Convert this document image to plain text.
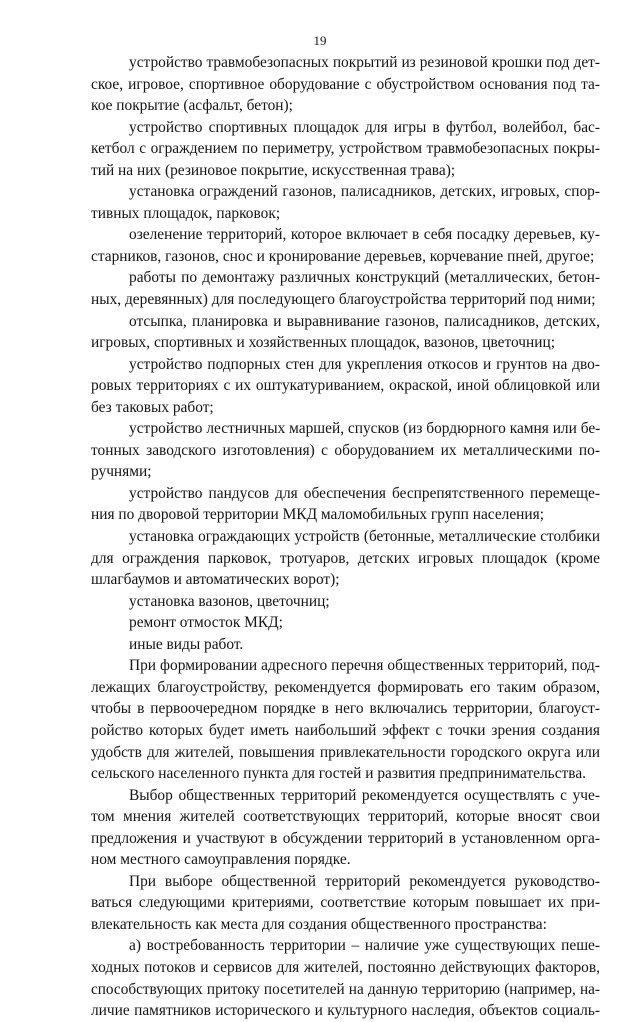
19
устройство травмобезопасных покрытий из резиновой крошки под дет-
ское, игровое, спортивное оборудование с обустройством основания под та-
кое покрытие (асфальт, бетон);
устройство спортивных площадок для игры в футбол, волейбол, бас-
кетбол с ограждением по периметру, устройством травмобезопасных покры-
тий на них (резиновое покрытие, искусственная трава);
установка ограждений газонов, палисадников, детских, игровых, спор-
тивных площадок, парковок;
озеленение территорий, которое включает в себя посадку деревьев, ку-
старников, газонов, снос и кронирование деревьев, корчевание пней, другое;
работы по демонтажу различных конструкций (металлических, бетон-
ных, деревянных) для последующего благоустройства территорий под ними;
отсыпка, планировка и выравнивание газонов, палисадников, детских,
игровых, спортивных и хозяйственных площадок, вазонов, цветочниц;
устройство подпорных стен для укрепления откосов и грунтов на дво-
ровых территориях с их оштукатуриванием, окраской, иной облицовкой или
без таковых работ;
устройство лестничных маршей, спусков (из бордюрного камня или бе-
тонных заводского изготовления) с оборудованием их металлическими по-
ручнями;
устройство пандусов для обеспечения беспрепятственного перемеще-
ния по дворовой территории МКД маломобильных групп населения;
установка ограждающих устройств (бетонные, металлические столбики
для ограждения парковок, тротуаров, детских игровых площадок (кроме
шлагбаумов и автоматических ворот);
установка вазонов, цветочниц;
ремонт отмосток МКД;
иные виды работ.
При формировании адресного перечня общественных территорий, под-
лежащих благоустройству, рекомендуется формировать его таким образом,
чтобы в первоочередном порядке в него включались территории, благоуст-
ройство которых будет иметь наибольший эффект с точки зрения создания
удобств для жителей, повышения привлекательности городского округа или
сельского населенного пункта для гостей и развития предпринимательства.
Выбор общественных территорий рекомендуется осуществлять с уче-
том мнения жителей соответствующих территорий, которые вносят свои
предложения и участвуют в обсуждении территорий в установленном орга-
ном местного самоуправления порядке.
При выборе общественной территорий рекомендуется руководство-
ваться следующими критериями, соответствие которым повышает их при-
влекательность как места для создания общественного пространства:
а) востребованность территории – наличие уже существующих пеше-
ходных потоков и сервисов для жителей, постоянно действующих факторов,
способствующих притоку посетителей на данную территорию (например, на-
личие памятников исторического и культурного наследия, объектов социаль-
